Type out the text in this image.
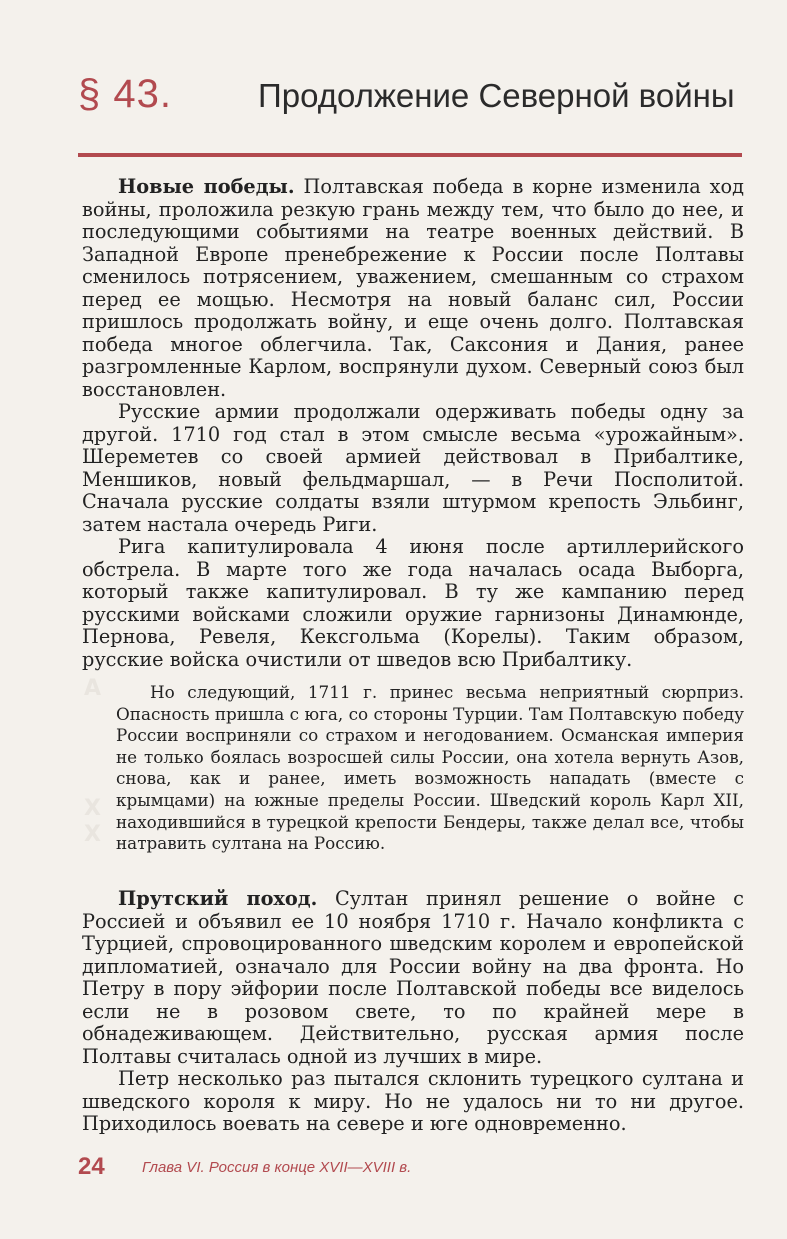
§ 43.	Продолжение Северной войны

Новые победы. Полтавская победа в корне изменила ход войны, проложила резкую грань между тем, что было до нее, и последующими событиями на театре военных действий. В Западной Европе пренебрежение к России после Полтавы сменилось потрясением, уважением, смешанным со страхом перед ее мощью. Несмотря на новый баланс сил, России пришлось продолжать войну, и еще очень долго. Полтавская победа многое облегчила. Так, Саксония и Дания, ранее разгромленные Карлом, воспрянули духом. Северный союз был восстановлен.

Русские армии продолжали одерживать победы одну за другой. 1710 год стал в этом смысле весьма «урожайным». Шереметев со своей армией действовал в Прибалтике, Меншиков, новый фельдмаршал, — в Речи Посполитой. Сначала русские солдаты взяли штурмом крепость Эльбинг, затем настала очередь Риги.

Рига капитулировала 4 июня после артиллерийского обстрела. В марте того же года началась осада Выборга, который также капитулировал. В ту же кампанию перед русскими войсками сложили оружие гарнизоны Динамюнде, Пернова, Ревеля, Кексгольма (Корелы). Таким образом, русские войска очистили от шведов всю Прибалтику.

A
X
X

Но следующий, 1711 г. принес весьма неприятный сюрприз. Опасность пришла с юга, со стороны Турции. Там Полтавскую победу России восприняли со страхом и негодованием. Османская империя не только боялась возросшей силы России, она хотела вернуть Азов, снова, как и ранее, иметь возможность нападать (вместе с крымцами) на южные пределы России. Шведский король Карл XII, находившийся в турецкой крепости Бендеры, также делал все, чтобы натравить султана на Россию.

Прутский поход. Султан принял решение о войне с Россией и объявил ее 10 ноября 1710 г. Начало конфликта с Турцией, спровоцированного шведским королем и европейской дипломатией, означало для России войну на два фронта. Но Петру в пору эйфории после Полтавской победы все виделось если не в розовом свете, то по крайней мере в обнадеживающем. Действительно, русская армия после Полтавы считалась одной из лучших в мире.

Петр несколько раз пытался склонить турецкого султана и шведского короля к миру. Но не удалось ни то ни другое. Приходилось воевать на севере и юге одновременно.

24 Глава VI. Россия в конце XVII—XVIII в.
